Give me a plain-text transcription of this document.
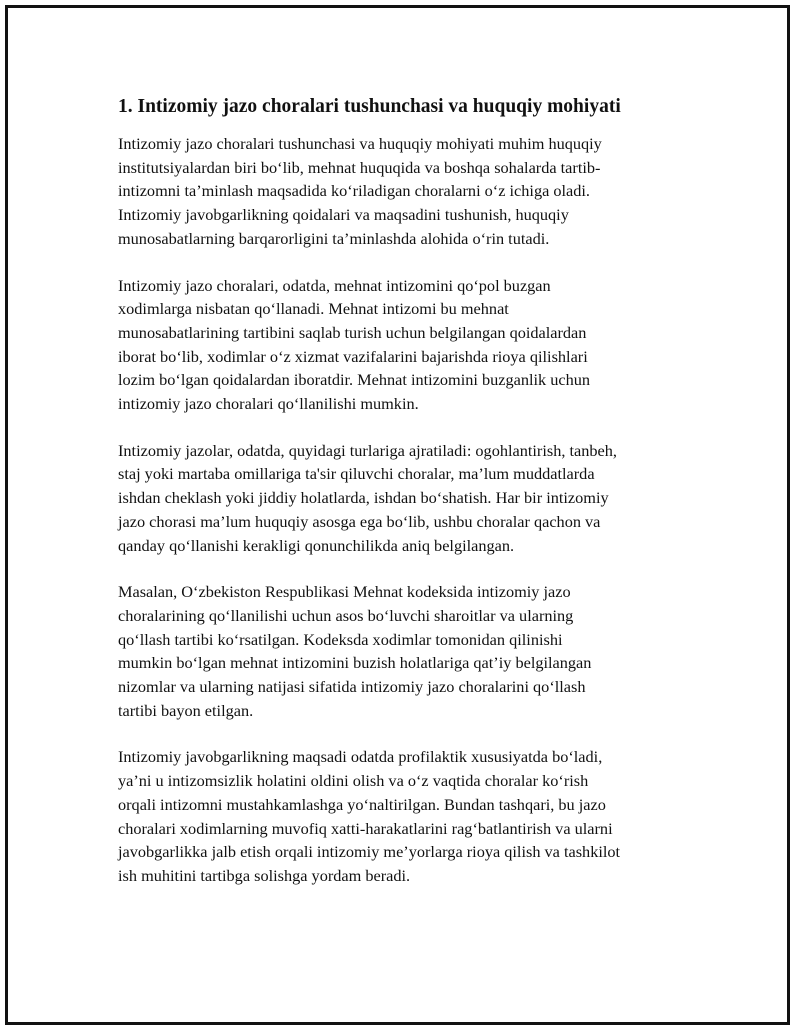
1. Intizomiy jazo choralari tushunchasi va huquqiy mohiyati

Intizomiy jazo choralari tushunchasi va huquqiy mohiyati muhim huquqiy
institutsiyalardan biri bo‘lib, mehnat huquqida va boshqa sohalarda tartib-
intizomni ta’minlash maqsadida ko‘riladigan choralarni o‘z ichiga oladi.
Intizomiy javobgarlikning qoidalari va maqsadini tushunish, huquqiy
munosabatlarning barqarorligini ta’minlashda alohida o‘rin tutadi.

Intizomiy jazo choralari, odatda, mehnat intizomini qo‘pol buzgan
xodimlarga nisbatan qo‘llanadi. Mehnat intizomi bu mehnat
munosabatlarining tartibini saqlab turish uchun belgilangan qoidalardan
iborat bo‘lib, xodimlar o‘z xizmat vazifalarini bajarishda rioya qilishlari
lozim bo‘lgan qoidalardan iboratdir. Mehnat intizomini buzganlik uchun
intizomiy jazo choralari qo‘llanilishi mumkin.

Intizomiy jazolar, odatda, quyidagi turlariga ajratiladi: ogohlantirish, tanbeh,
staj yoki martaba omillariga ta'sir qiluvchi choralar, ma’lum muddatlarda
ishdan cheklash yoki jiddiy holatlarda, ishdan bo‘shatish. Har bir intizomiy
jazo chorasi ma’lum huquqiy asosga ega bo‘lib, ushbu choralar qachon va
qanday qo‘llanishi kerakligi qonunchilikda aniq belgilangan.

Masalan, O‘zbekiston Respublikasi Mehnat kodeksida intizomiy jazo
choralarining qo‘llanilishi uchun asos bo‘luvchi sharoitlar va ularning
qo‘llash tartibi ko‘rsatilgan. Kodeksda xodimlar tomonidan qilinishi
mumkin bo‘lgan mehnat intizomini buzish holatlariga qat’iy belgilangan
nizomlar va ularning natijasi sifatida intizomiy jazo choralarini qo‘llash
tartibi bayon etilgan.

Intizomiy javobgarlikning maqsadi odatda profilaktik xususiyatda bo‘ladi,
ya’ni u intizomsizlik holatini oldini olish va o‘z vaqtida choralar ko‘rish
orqali intizomni mustahkamlashga yo‘naltirilgan. Bundan tashqari, bu jazo
choralari xodimlarning muvofiq xatti-harakatlarini rag‘batlantirish va ularni
javobgarlikka jalb etish orqali intizomiy me’yorlarga rioya qilish va tashkilot
ish muhitini tartibga solishga yordam beradi.
